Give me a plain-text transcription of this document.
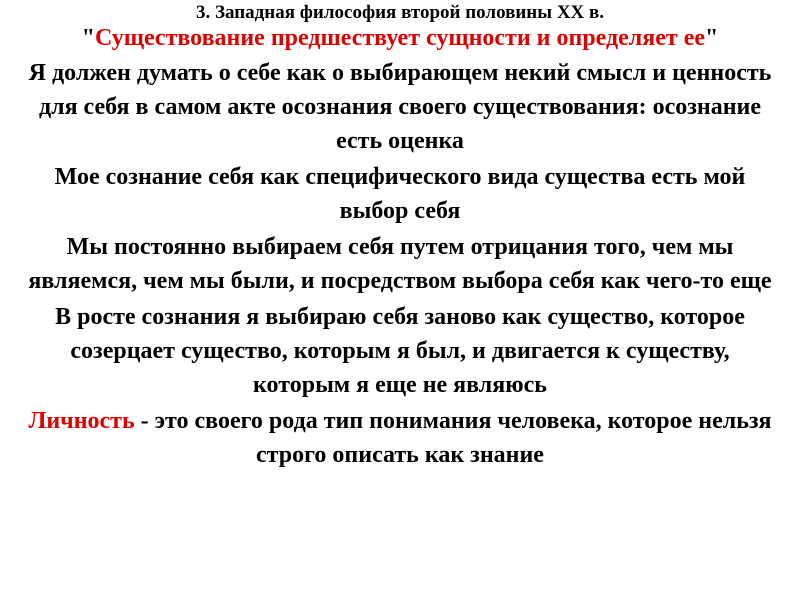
3. Западная философия второй половины XX в.

"Существование предшествует сущности и определяет ее"

Я должен думать о себе как о выбирающем некий смысл и ценность для себя в самом акте осознания своего существования: осознание есть оценка

Мое сознание себя как специфического вида существа есть мой выбор себя

Мы постоянно выбираем себя путем отрицания того, чем мы являемся, чем мы были, и посредством выбора себя как чего-то еще

В росте сознания я выбираю себя заново как существо, которое созерцает существо, которым я был, и двигается к существу, которым я еще не являюсь

Личность - это своего рода тип понимания человека, которое нельзя строго описать как знание
